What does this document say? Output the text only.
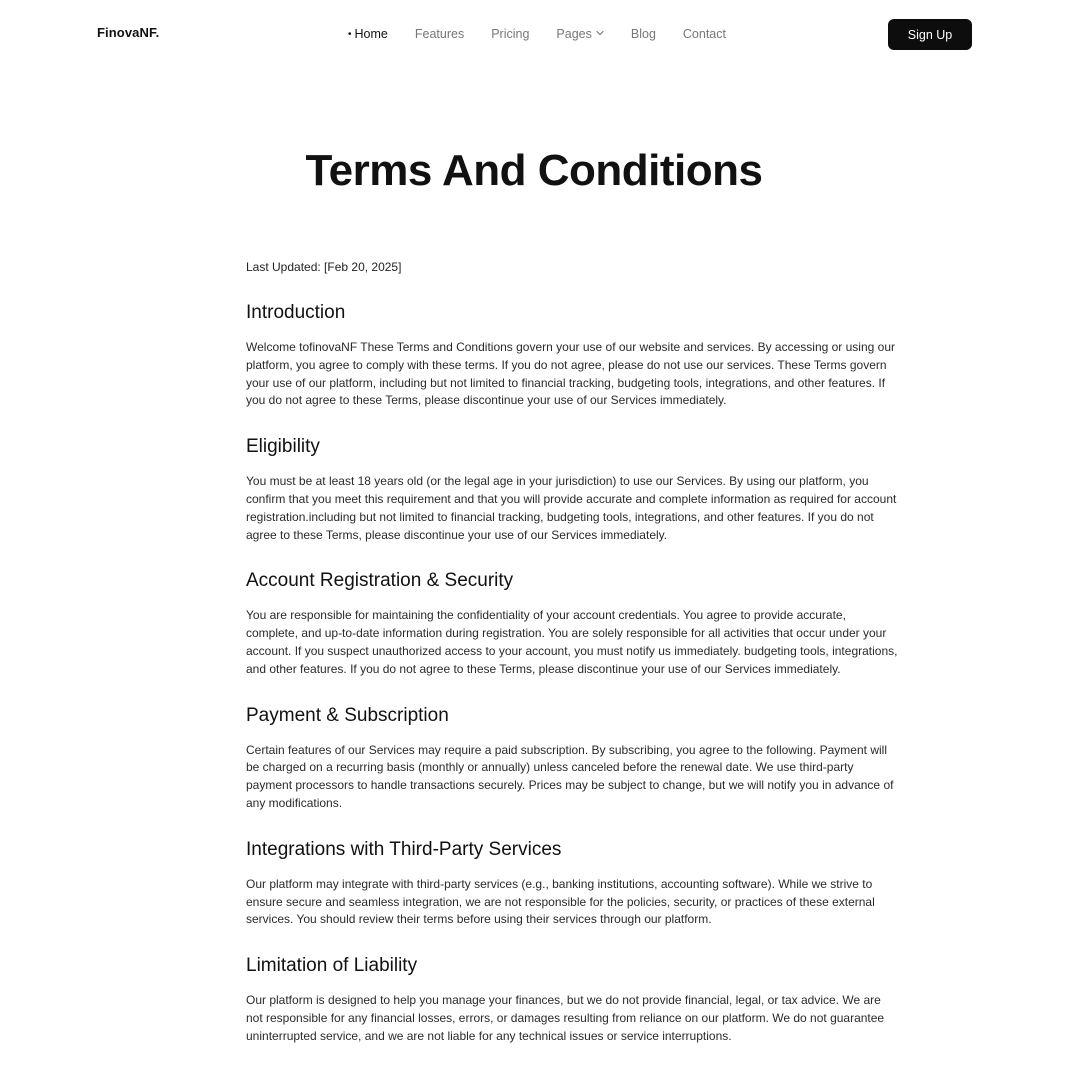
FinovaNF.
•	Home Features Pricing Pages	Blog Contact	Sign Up
Terms And Conditions

Last Updated: [Feb 20, 2025]

Introduction

Welcome tofinovaNF These Terms and Conditions govern your use of our website and services. By accessing or using our platform, you agree to comply with these terms. If you do not agree, please do not use our services. These Terms govern your use of our platform, including but not limited to financial tracking, budgeting tools, integrations, and other features. If you do not agree to these Terms, please discontinue your use of our Services immediately.

Eligibility

You must be at least 18 years old (or the legal age in your jurisdiction) to use our Services. By using our platform, you confirm that you meet this requirement and that you will provide accurate and complete information as required for account registration.including but not limited to financial tracking, budgeting tools, integrations, and other features. If you do not agree to these Terms, please discontinue your use of our Services immediately.

Account Registration & Security

You are responsible for maintaining the confidentiality of your account credentials. You agree to provide accurate, complete, and up-to-date information during registration. You are solely responsible for all activities that occur under your account. If you suspect unauthorized access to your account, you must notify us immediately. budgeting tools, integrations, and other features. If you do not agree to these Terms, please discontinue your use of our Services immediately.

Payment & Subscription

Certain features of our Services may require a paid subscription. By subscribing, you agree to the following. Payment will be charged on a recurring basis (monthly or annually) unless canceled before the renewal date. We use third-party payment processors to handle transactions securely. Prices may be subject to change, but we will notify you in advance of any modifications.

Integrations with Third-Party Services

Our platform may integrate with third-party services (e.g., banking institutions, accounting software). While we strive to ensure secure and seamless integration, we are not responsible for the policies, security, or practices of these external services. You should review their terms before using their services through our platform.

Limitation of Liability

Our platform is designed to help you manage your finances, but we do not provide financial, legal, or tax advice. We are not responsible for any financial losses, errors, or damages resulting from reliance on our platform. We do not guarantee uninterrupted service, and we are not liable for any technical issues or service interruptions.
